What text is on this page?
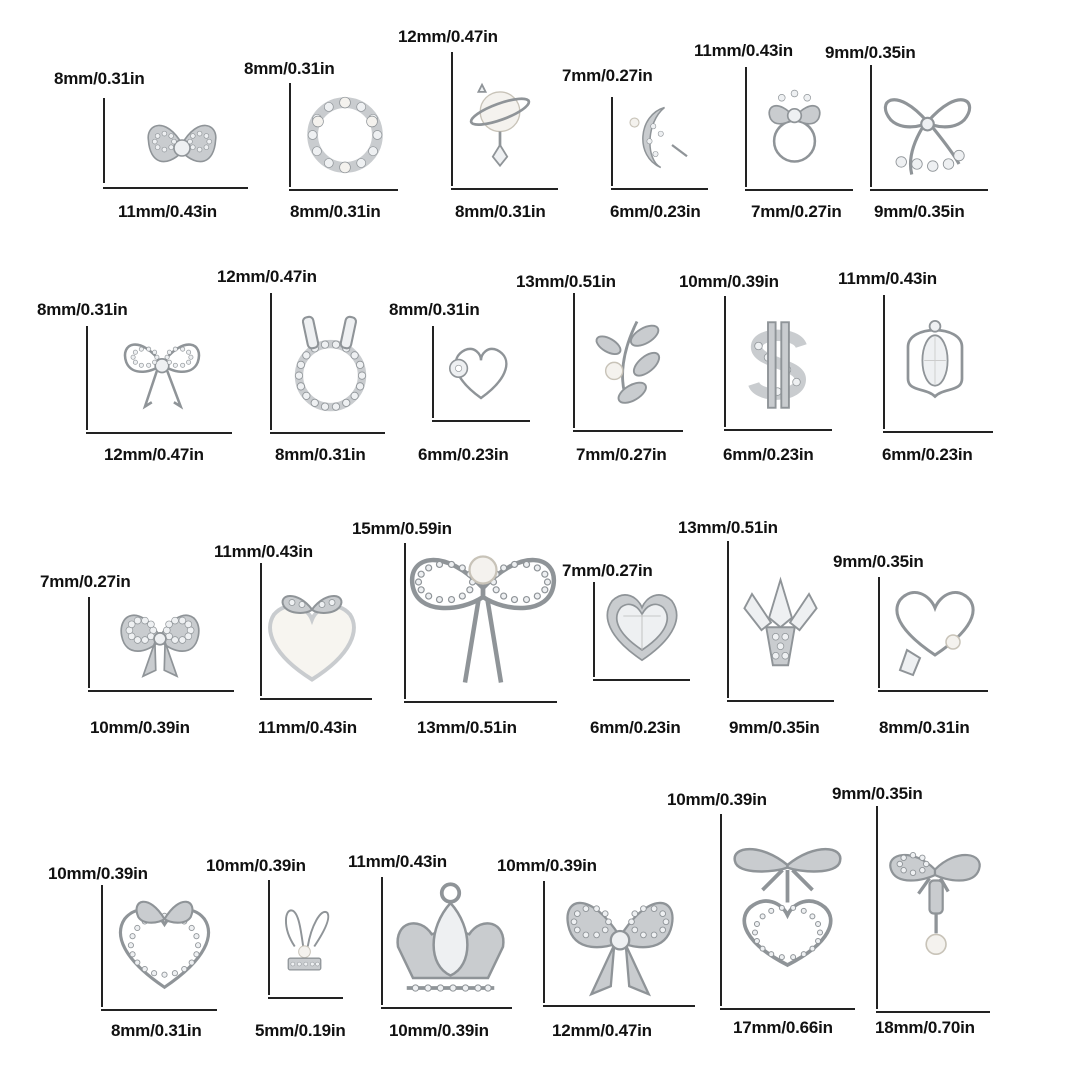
8mm/0.31in
11mm/0.43in
8mm/0.31in
8mm/0.31in
12mm/0.47in
8mm/0.31in
7mm/0.27in
6mm/0.23in
11mm/0.43in
7mm/0.27in
9mm/0.35in
9mm/0.35in
8mm/0.31in
12mm/0.47in
12mm/0.47in
8mm/0.31in
8mm/0.31in
6mm/0.23in
13mm/0.51in
7mm/0.27in
10mm/0.39in
6mm/0.23in
11mm/0.43in
6mm/0.23in
7mm/0.27in
10mm/0.39in
11mm/0.43in
11mm/0.43in
15mm/0.59in
13mm/0.51in
7mm/0.27in
6mm/0.23in
13mm/0.51in
9mm/0.35in
9mm/0.35in
8mm/0.31in
10mm/0.39in
8mm/0.31in
10mm/0.39in
5mm/0.19in
11mm/0.43in
10mm/0.39in
10mm/0.39in
12mm/0.47in
10mm/0.39in
17mm/0.66in
9mm/0.35in
18mm/0.70in
